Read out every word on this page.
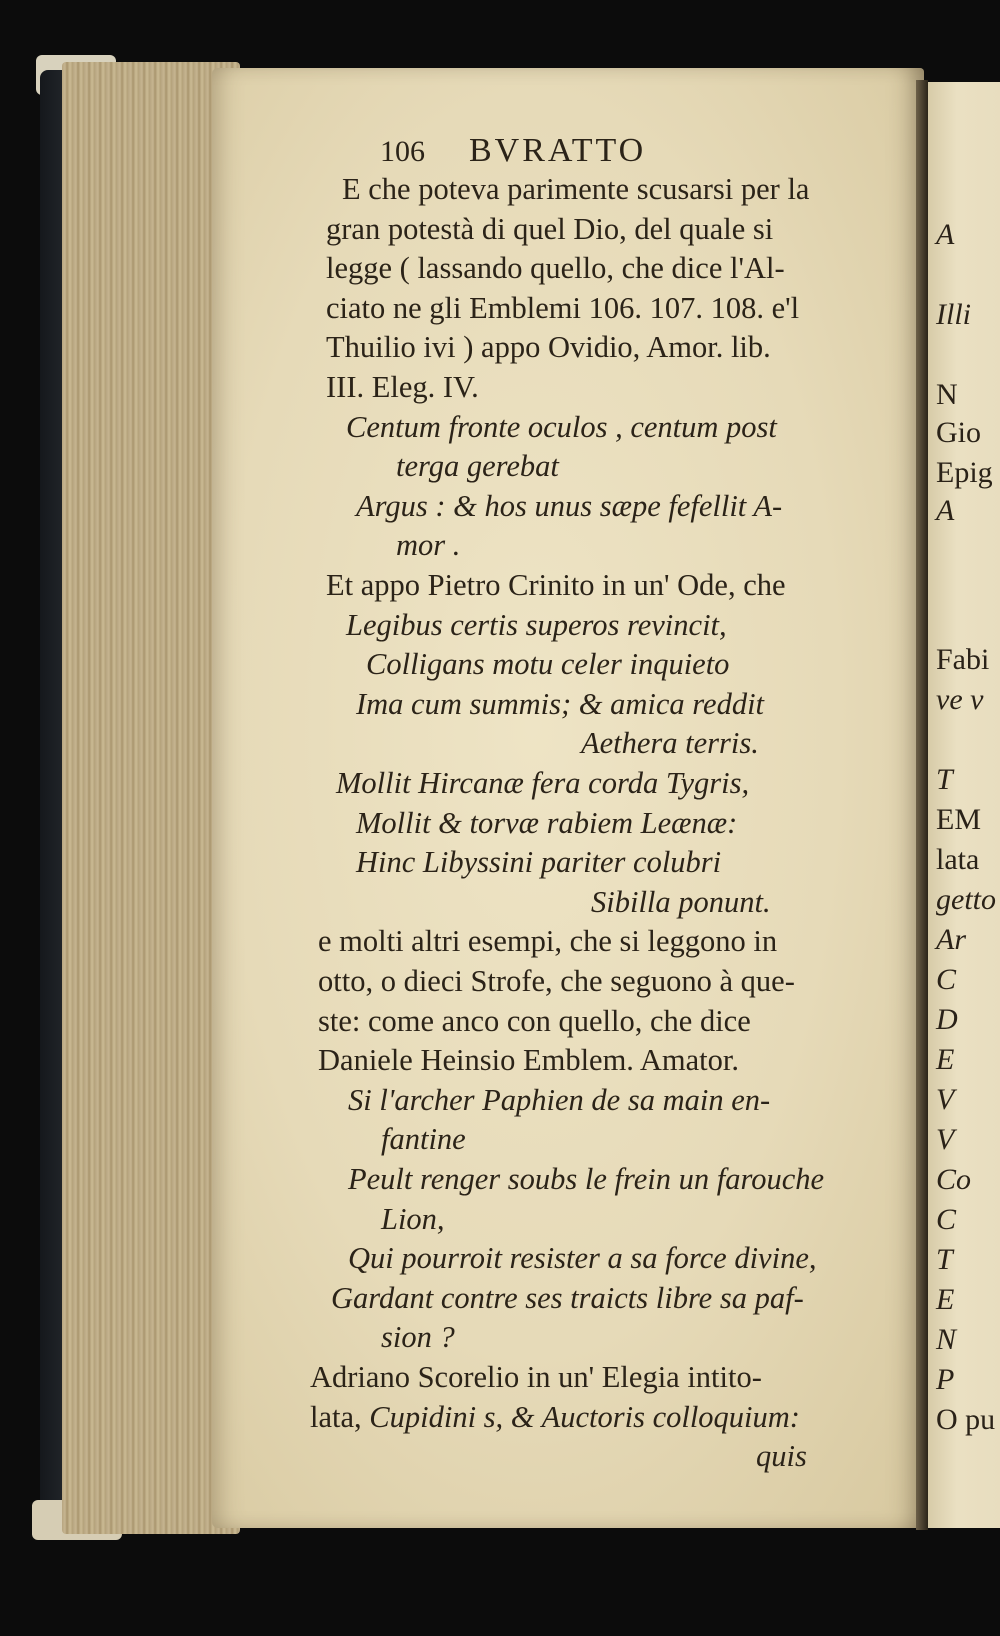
106 BVRATTO
E che poteva parimente scusarsi per la
gran potestà di quel Dio, del quale si
legge ( lassando quello, che dice l'Al-
ciato ne gli Emblemi 106. 107. 108. e'l
Thuilio ivi ) appo Ovidio, Amor. lib.
III. Eleg. IV.
Centum fronte oculos , centum post
terga gerebat
Argus : & hos unus sæpe fefellit A-
mor .
Et appo Pietro Crinito in un' Ode, che
Legibus certis superos revincit,
Colligans motu celer inquieto
Ima cum summis; & amica reddit
Aethera terris.
Mollit Hircanæ fera corda Tygris,
Mollit & torvæ rabiem Leænæ:
Hinc Libyssini pariter colubri
Sibilla ponunt.
e molti altri esempi, che si leggono in
otto, o dieci Strofe, che seguono à que-
ste: come anco con quello, che dice
Daniele Heinsio Emblem. Amator.
Si l'archer Paphien de sa main en-
fantine
Peult renger soubs le frein un farouche
Lion,
Qui pourroit resister a sa force divine,
Gardant contre ses traicts libre sa paf-
sion ?
Adriano Scorelio in un' Elegia intito-
lata, Cupidini s, & Auctoris colloquium:
quis
A
Illi
N
Gio
Epig
A
Fabi
ve v
T
EM
lata
getto
Ar
C
D
E
V
V
Co
C
T
E
N
P
O pu
